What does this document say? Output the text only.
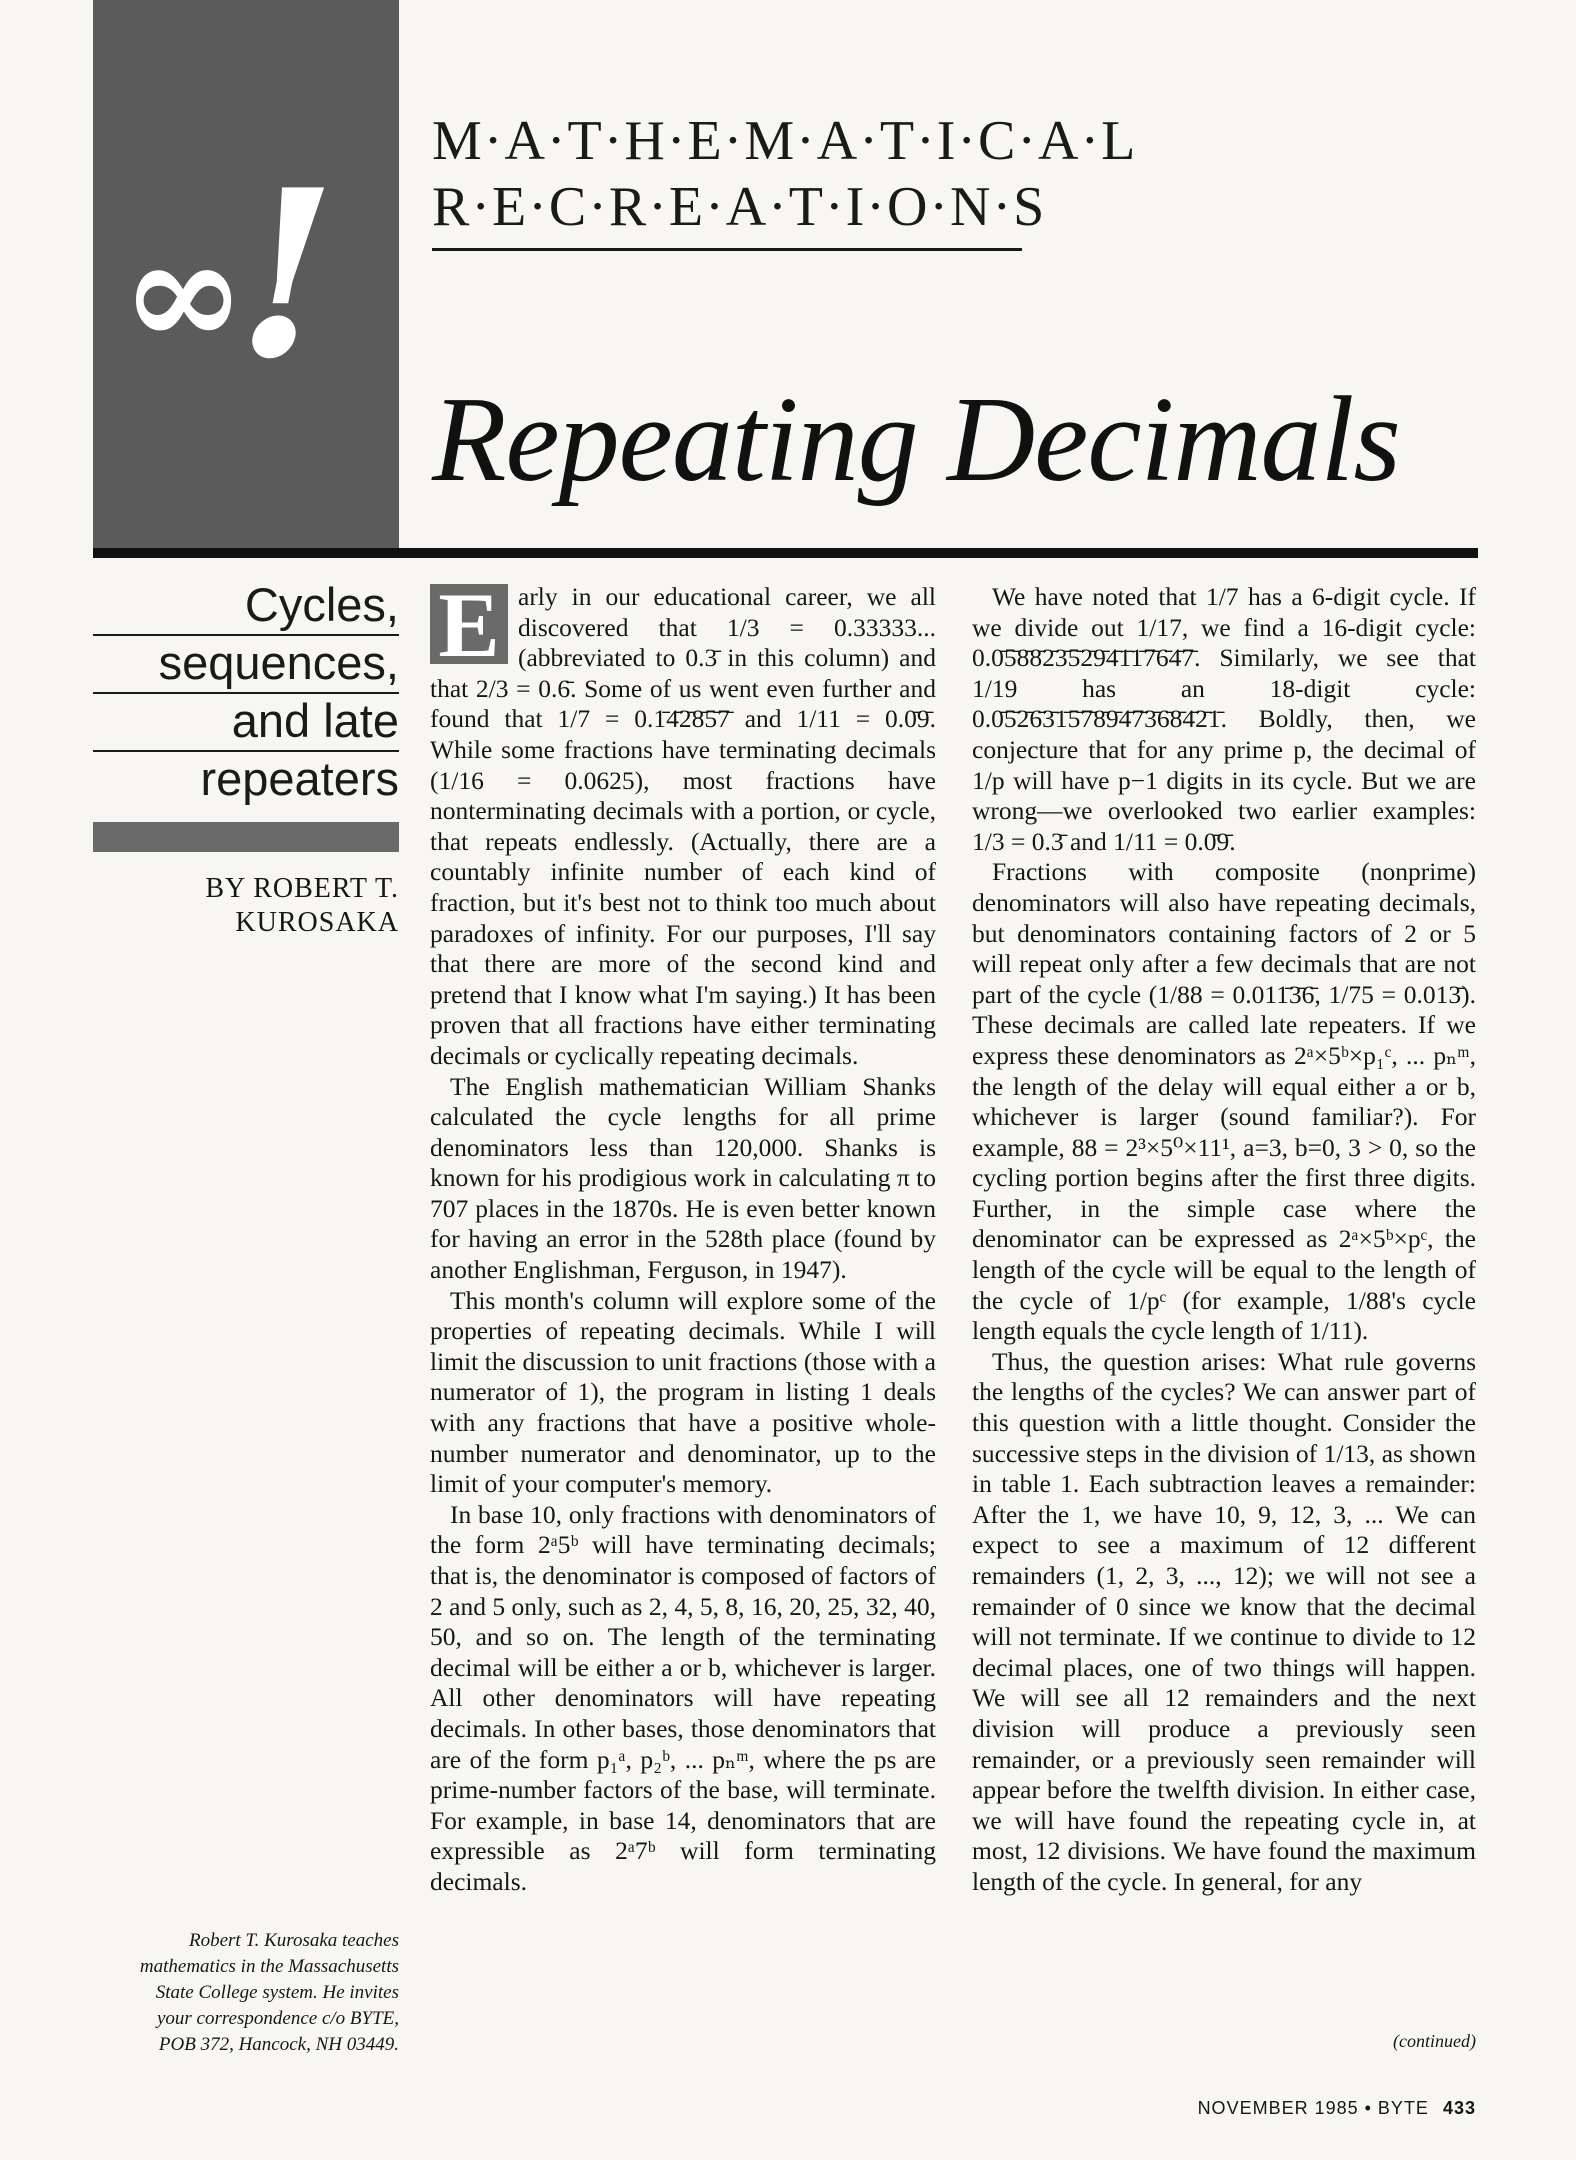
∞! M·A·T·H·E·M·A·T·I·C·A·L
R·E·C·R·E·A·T·I·O·N·S
Repeating Decimals
Cycles,
sequences,
and late
repeaters
BY ROBERT T.
KUROSAKA
Robert T. Kurosaka teaches
mathematics in the Massachusetts
State College system. He invites
your correspondence c/o BYTE,
POB 372, Hancock, NH 03449.

E arly in our educational career, we all discovered that 1/3 = 0.33333... (abbreviated to 0.3̄ in this column) and that 2/3 = 0.6̄. Some of us went even further and found that 1/7 = 0.1̄4̄2̄8̄5̄7̄ and 1/11 = 0.0̄9̄. While some fractions have terminating decimals (1/16 = 0.0625), most fractions have nonterminating decimals with a portion, or cycle, that repeats endlessly. (Actually, there are a countably infinite number of each kind of fraction, but it's best not to think too much about paradoxes of infinity. For our purposes, I'll say that there are more of the second kind and pretend that I know what I'm saying.) It has been proven that all fractions have either terminating decimals or cyclically repeating decimals.

The English mathematician William Shanks calculated the cycle lengths for all prime denominators less than 120,000. Shanks is known for his prodigious work in calculating π to 707 places in the 1870s. He is even better known for having an error in the 528th place (found by another Englishman, Ferguson, in 1947).

This month's column will explore some of the properties of repeating decimals. While I will limit the discussion to unit fractions (those with a numerator of 1), the program in listing 1 deals with any fractions that have a positive whole-number numerator and denominator, up to the limit of your computer's memory.

In base 10, only fractions with denominators of the form 2ᵃ5ᵇ will have terminating decimals; that is, the denominator is composed of factors of 2 and 5 only, such as 2, 4, 5, 8, 16, 20, 25, 32, 40, 50, and so on. The length of the terminating decimal will be either a or b, whichever is larger. All other denominators will have repeating decimals. In other bases, those denominators that are of the form p₁ᵃ, p₂ᵇ, ... pₙᵐ, where the ps are prime-number factors of the base, will terminate. For example, in base 14, denominators that are expressible as 2ᵃ7ᵇ will form terminating decimals.

We have noted that 1/7 has a 6-digit cycle. If we divide out 1/17, we find a 16-digit cycle: 0.0̄5̄8̄8̄2̄3̄5̄2̄9̄4̄1̄1̄7̄6̄4̄7̄. Similarly, we see that 1/19 has an 18-digit cycle: 0.0̄5̄2̄6̄3̄1̄5̄7̄8̄9̄4̄7̄3̄6̄8̄4̄2̄1̄. Boldly, then, we conjecture that for any prime p, the decimal of 1/p will have p−1 digits in its cycle. But we are wrong—we overlooked two earlier examples: 1/3 = 0.3̄ and 1/11 = 0.0̄9̄.

Fractions with composite (nonprime) denominators will also have repeating decimals, but denominators containing factors of 2 or 5 will repeat only after a few decimals that are not part of the cycle (1/88 = 0.011̄3̄6̄, 1/75 = 0.013̄). These decimals are called late repeaters. If we express these denominators as 2ᵃ×5ᵇ×p₁ᶜ, ... pₙᵐ, the length of the delay will equal either a or b, whichever is larger (sound familiar?). For example, 88 = 2³×5⁰×11¹, a=3, b=0, 3 > 0, so the cycling portion begins after the first three digits. Further, in the simple case where the denominator can be expressed as 2ᵃ×5ᵇ×pᶜ, the length of the cycle will be equal to the length of the cycle of 1/pᶜ (for example, 1/88's cycle length equals the cycle length of 1/11).

Thus, the question arises: What rule governs the lengths of the cycles? We can answer part of this question with a little thought. Consider the successive steps in the division of 1/13, as shown in table 1. Each subtraction leaves a remainder: After the 1, we have 10, 9, 12, 3, ... We can expect to see a maximum of 12 different remainders (1, 2, 3, ..., 12); we will not see a remainder of 0 since we know that the decimal will not terminate. If we continue to divide to 12 decimal places, one of two things will happen. We will see all 12 remainders and the next division will produce a previously seen remainder, or a previously seen remainder will appear before the twelfth division. In either case, we will have found the repeating cycle in, at most, 12 divisions. We have found the maximum length of the cycle. In general, for any

(continued)
NOVEMBER 1985 • BYTE 433
